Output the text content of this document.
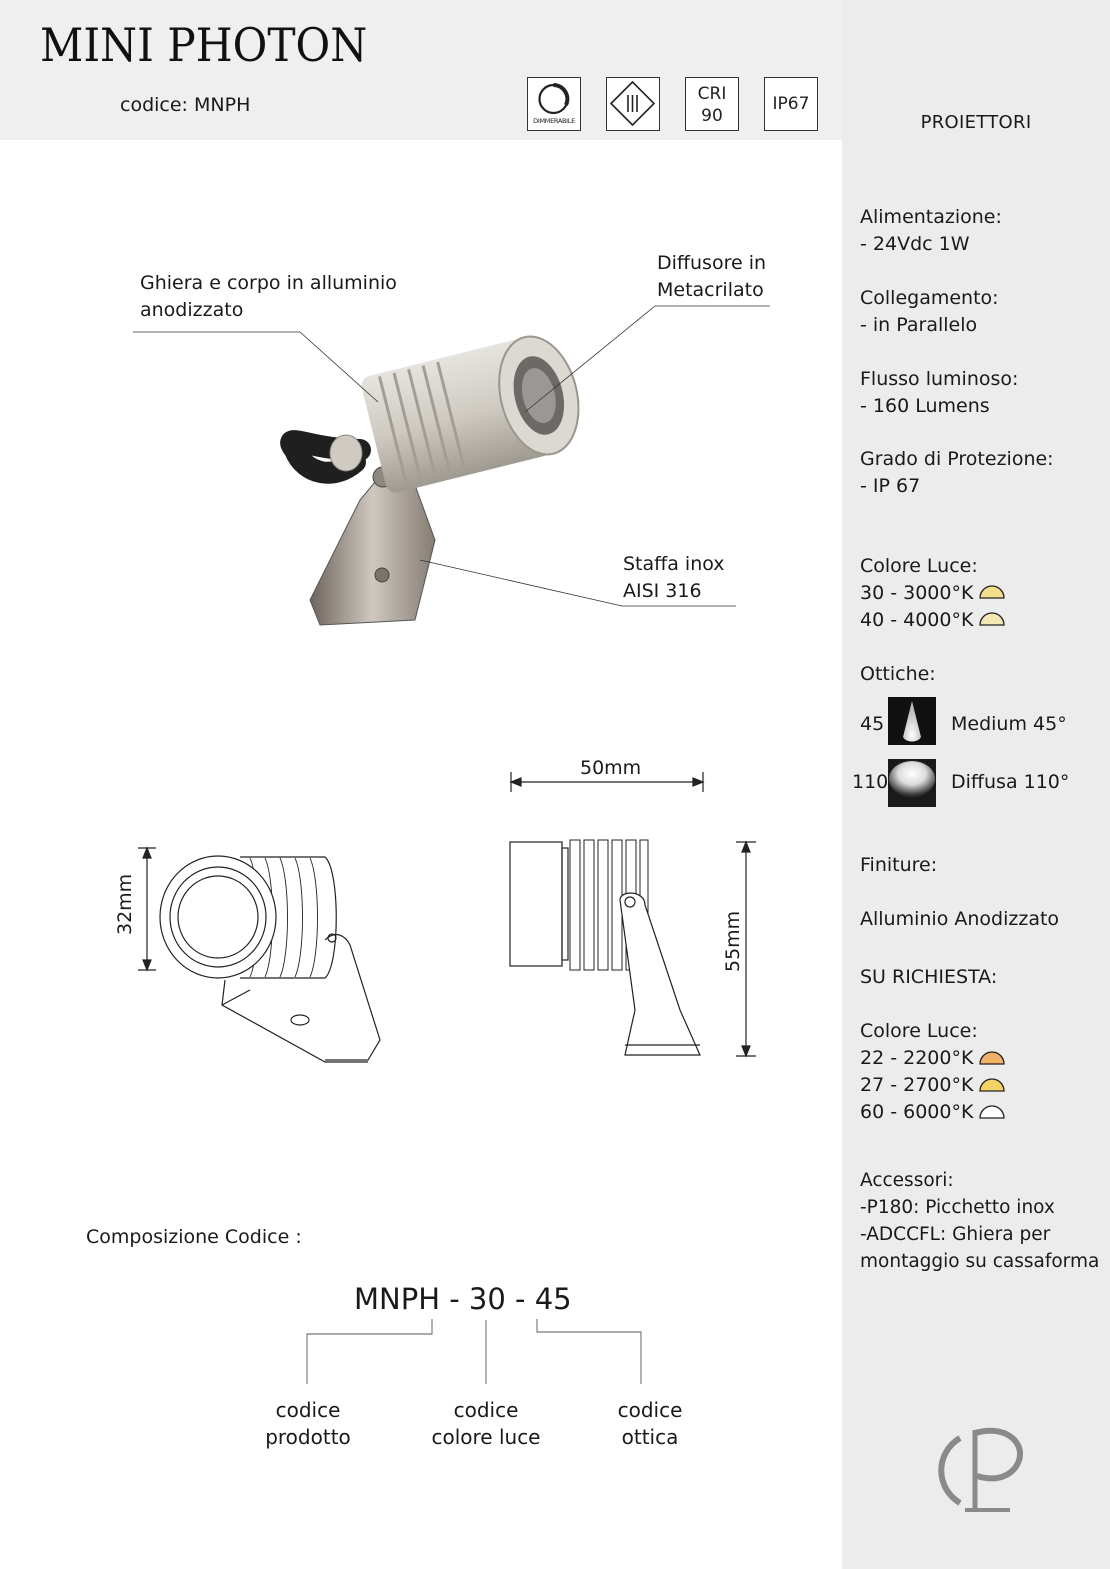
MINI PHOTON
codice: MNPH
DIMMERABILE
CRI
90
IP67
PROIETTORI
Ghiera e corpo in alluminio
anodizzato
Diffusore in
Metacrilato
Staffa inox
AISI 316
32mm
50mm
55mm
Composizione Codice :
MNPH - 30 - 45
codice
prodotto
codice
colore luce
codice
ottica
Alimentazione:
- 24Vdc 1W
Collegamento:
- in Parallelo
Flusso luminoso:
- 160 Lumens
Grado di Protezione:
- IP 67
Colore Luce:
30 - 3000°K
40 - 4000°K
Ottiche:
45	Medium 45°
110	Diffusa 110°
Finiture:
Alluminio Anodizzato
SU RICHIESTA:
Colore Luce:
22 - 2200°K
27 - 2700°K
60 - 6000°K
Accessori:
-P180: Picchetto inox
-ADCCFL: Ghiera per
montaggio su cassaforma
